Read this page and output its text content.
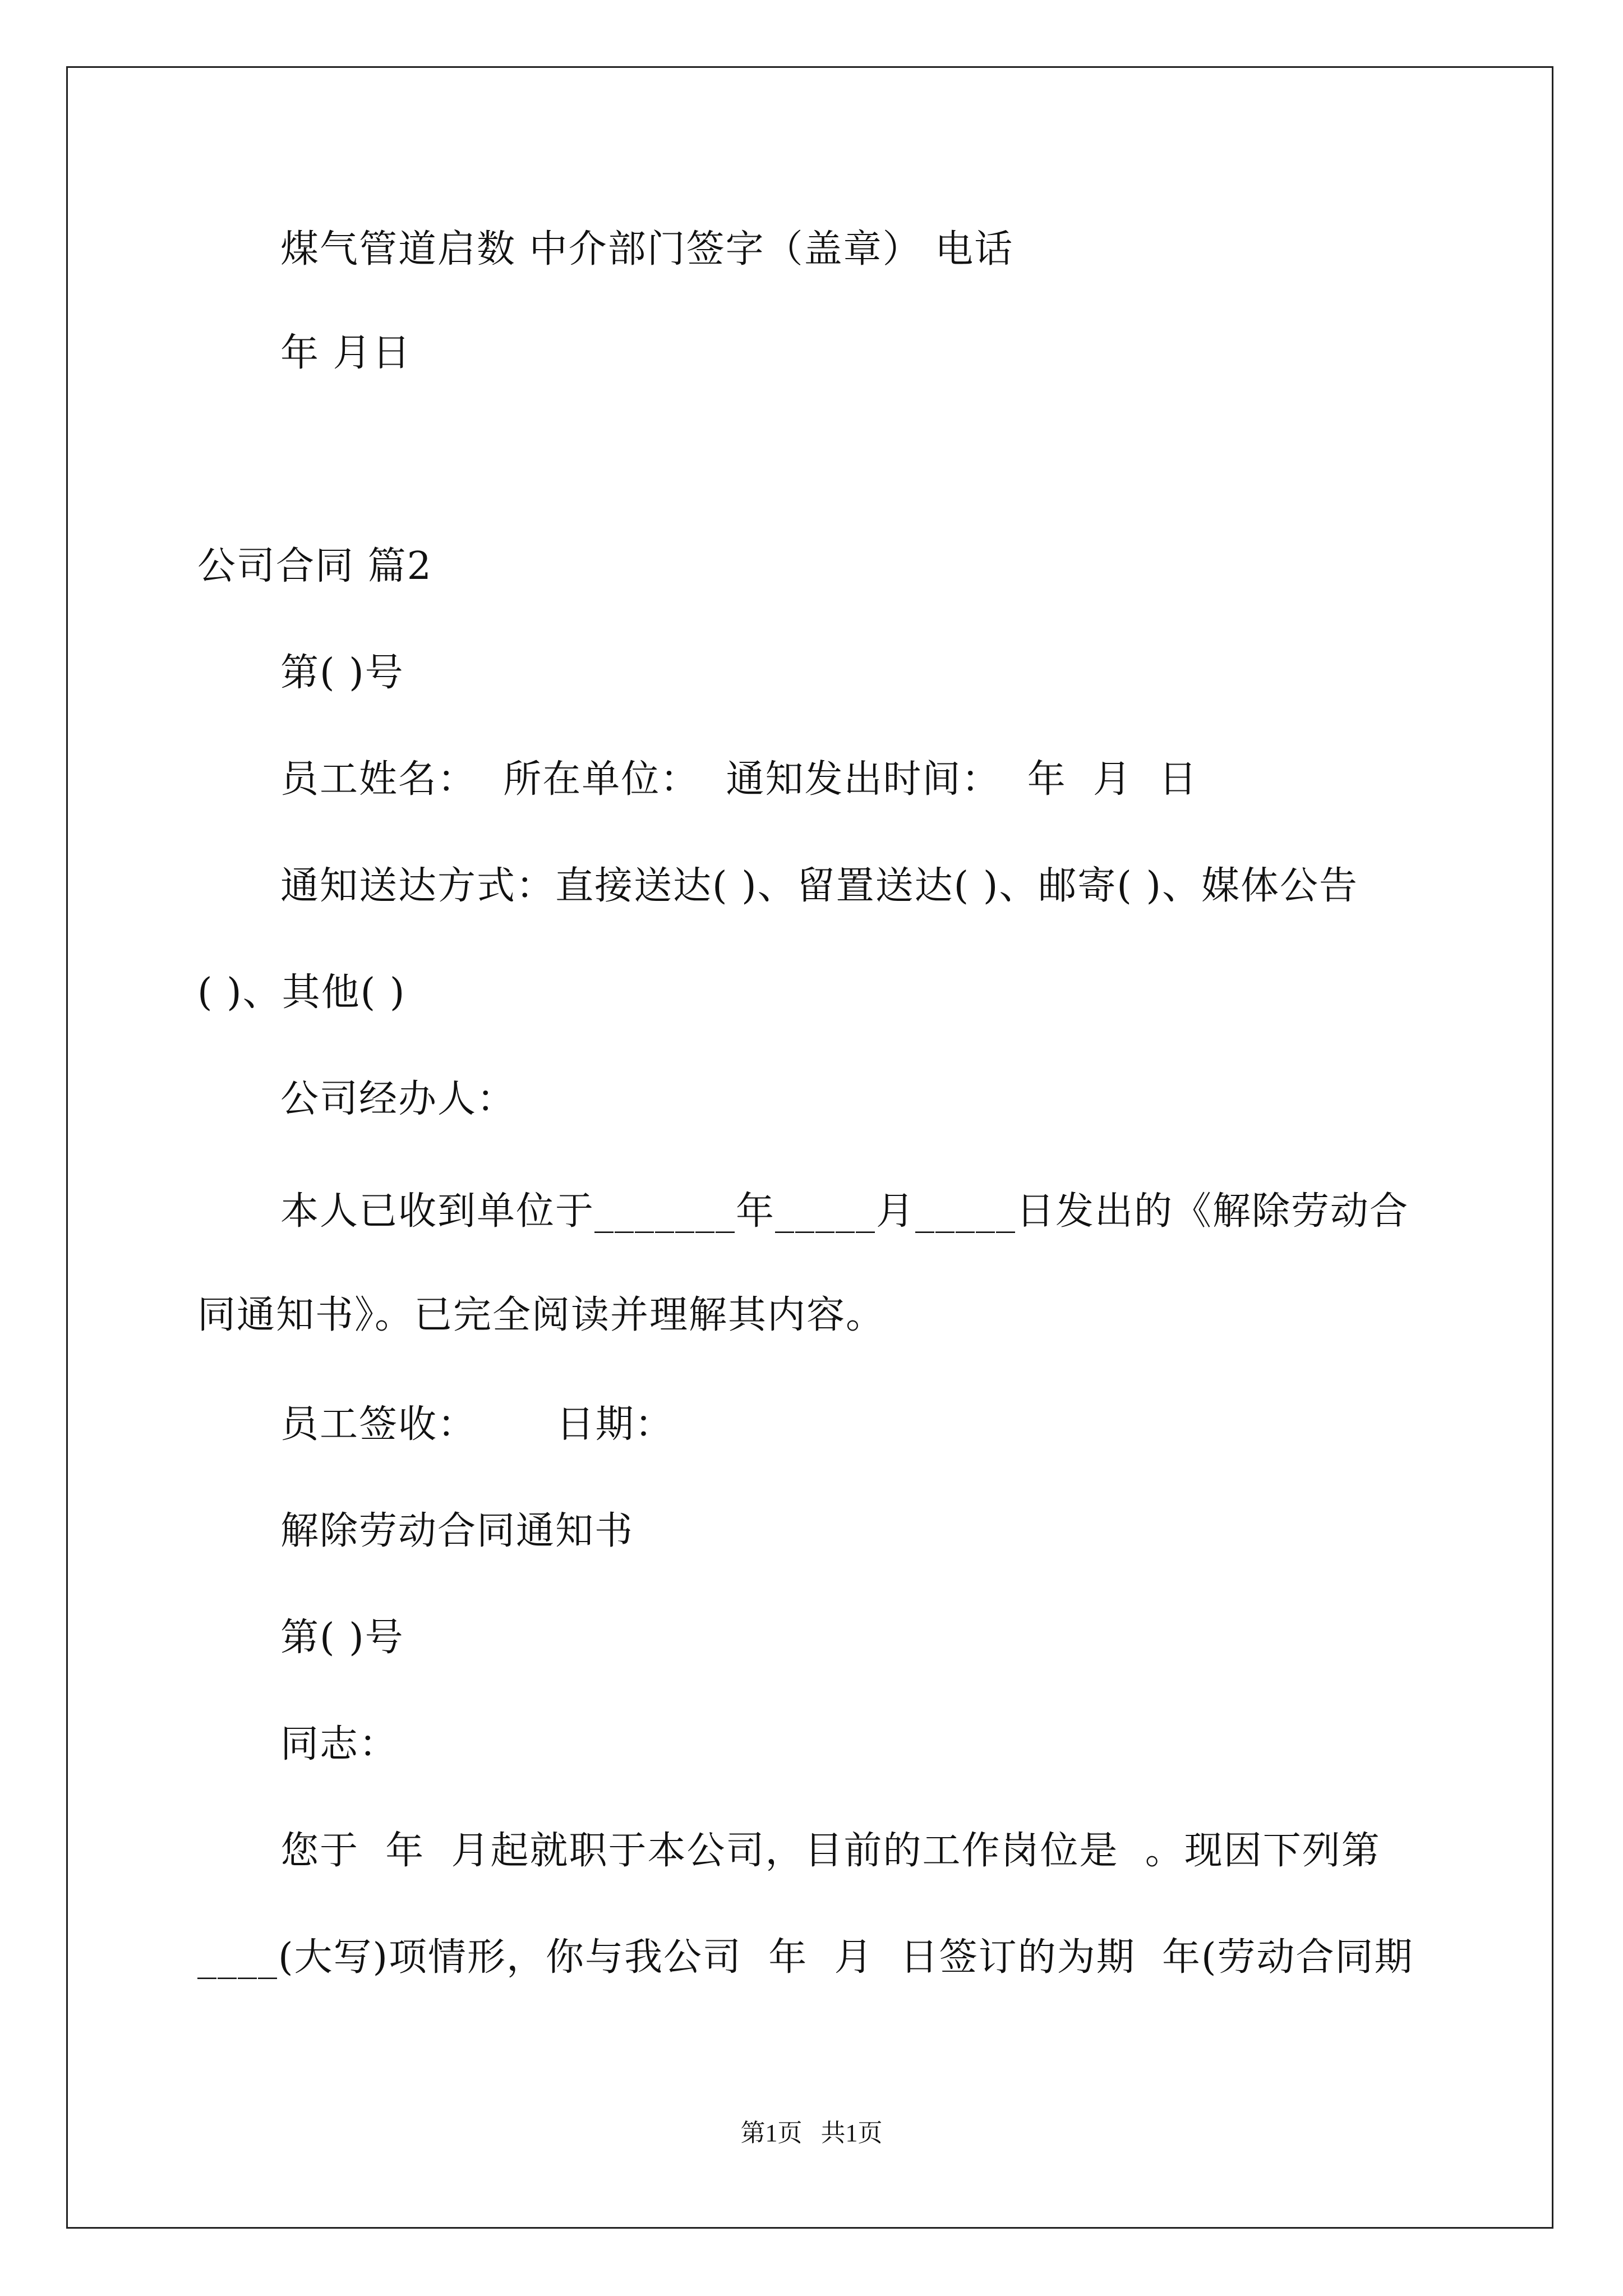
煤气管道启数 中介部门签字（盖章） 电话
年 月日
公司合同 篇2
第( )号
员工姓名：  所在单位：  通知发出时间：  年  月  日
通知送达方式：直接送达( )、留置送达( )、邮寄( )、媒体公告
( )、其他( )
公司经办人：
本人已收到单位于_______年_____月_____日发出的《解除劳动合
同通知书》。已完全阅读并理解其内容。
员工签收：      日期：
解除劳动合同通知书
第( )号
同志：
您于  年  月起就职于本公司，目前的工作岗位是  。现因下列第
____(大写)项情形，你与我公司  年  月  日签订的为期  年(劳动合同期
第1页 共1页
